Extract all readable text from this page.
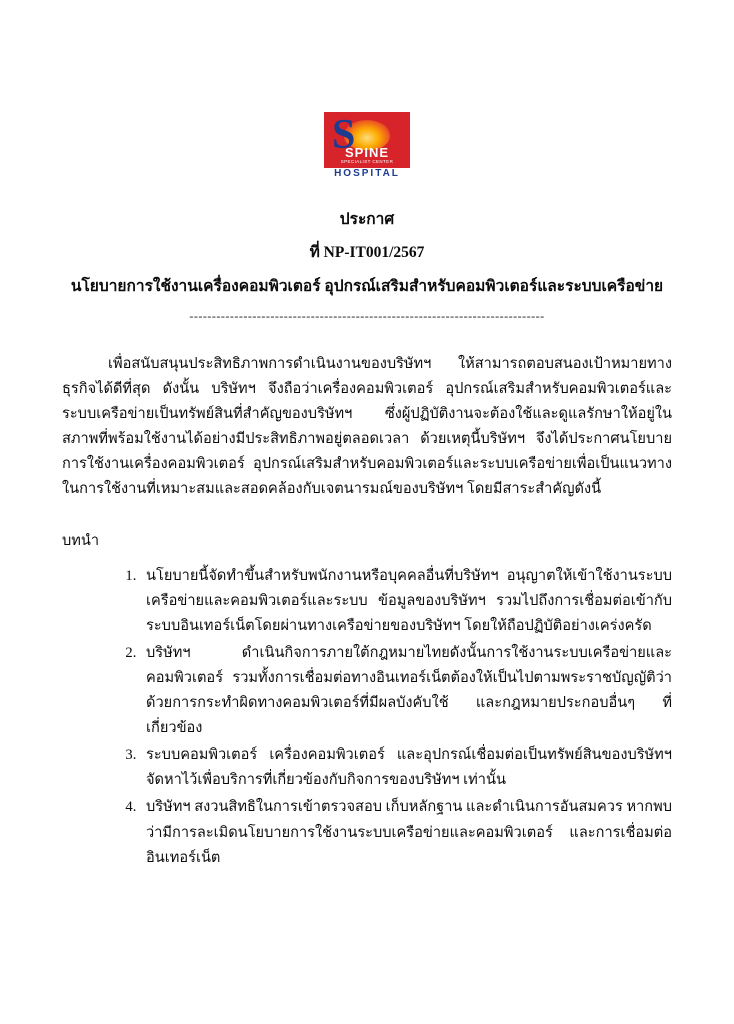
S
SPINE
SPECIALIST CENTER
HOSPITAL
ประกาศ
ที่ NP-IT001/2567
นโยบายการใช้งานเครื่องคอมพิวเตอร์ อุปกรณ์เสริมสำหรับคอมพิวเตอร์และระบบเครือข่าย
-------------------------------------------------------------------------------

เพื่อสนับสนุนประสิทธิภาพการดำเนินงานของบริษัทฯ ให้สามารถตอบสนองเป้าหมายทางธุรกิจได้ดีที่สุด ดังนั้น บริษัทฯ จึงถือว่าเครื่องคอมพิวเตอร์ อุปกรณ์เสริมสำหรับคอมพิวเตอร์และระบบเครือข่ายเป็นทรัพย์สินที่สำคัญของบริษัทฯ ซึ่งผู้ปฏิบัติงานจะต้องใช้และดูแลรักษาให้อยู่ในสภาพที่พร้อมใช้งานได้อย่างมีประสิทธิภาพอยู่ตลอดเวลา ด้วยเหตุนี้บริษัทฯ จึงได้ประกาศนโยบายการใช้งานเครื่องคอมพิวเตอร์ อุปกรณ์เสริมสำหรับคอมพิวเตอร์และระบบเครือข่ายเพื่อเป็นแนวทางในการใช้งานที่เหมาะสมและสอดคล้องกับเจตนารมณ์ของบริษัทฯ โดยมีสาระสำคัญดังนี้

บทนำ
1. นโยบายนี้จัดทำขึ้นสำหรับพนักงานหรือบุคคลอื่นที่บริษัทฯ อนุญาตให้เข้าใช้งานระบบเครือข่ายและคอมพิวเตอร์และระบบ ข้อมูลของบริษัทฯ รวมไปถึงการเชื่อมต่อเข้ากับระบบอินเทอร์เน็ตโดยผ่านทางเครือข่ายของบริษัทฯ โดยให้ถือปฏิบัติอย่างเคร่งครัด
2. บริษัทฯ ดำเนินกิจการภายใต้กฎหมายไทยดังนั้นการใช้งานระบบเครือข่ายและคอมพิวเตอร์ รวมทั้งการเชื่อมต่อทางอินเทอร์เน็ตต้องให้เป็นไปตามพระราชบัญญัติว่าด้วยการกระทำผิดทางคอมพิวเตอร์ที่มีผลบังคับใช้ และกฎหมายประกอบอื่นๆ ที่เกี่ยวข้อง
3. ระบบคอมพิวเตอร์ เครื่องคอมพิวเตอร์ และอุปกรณ์เชื่อมต่อเป็นทรัพย์สินของบริษัทฯ จัดหาไว้เพื่อบริการที่เกี่ยวข้องกับกิจการของบริษัทฯ เท่านั้น
4. บริษัทฯ สงวนสิทธิในการเข้าตรวจสอบ เก็บหลักฐาน และดำเนินการอันสมควร หากพบว่ามีการละเมิดนโยบายการใช้งานระบบเครือข่ายและคอมพิวเตอร์ และการเชื่อมต่ออินเทอร์เน็ต
